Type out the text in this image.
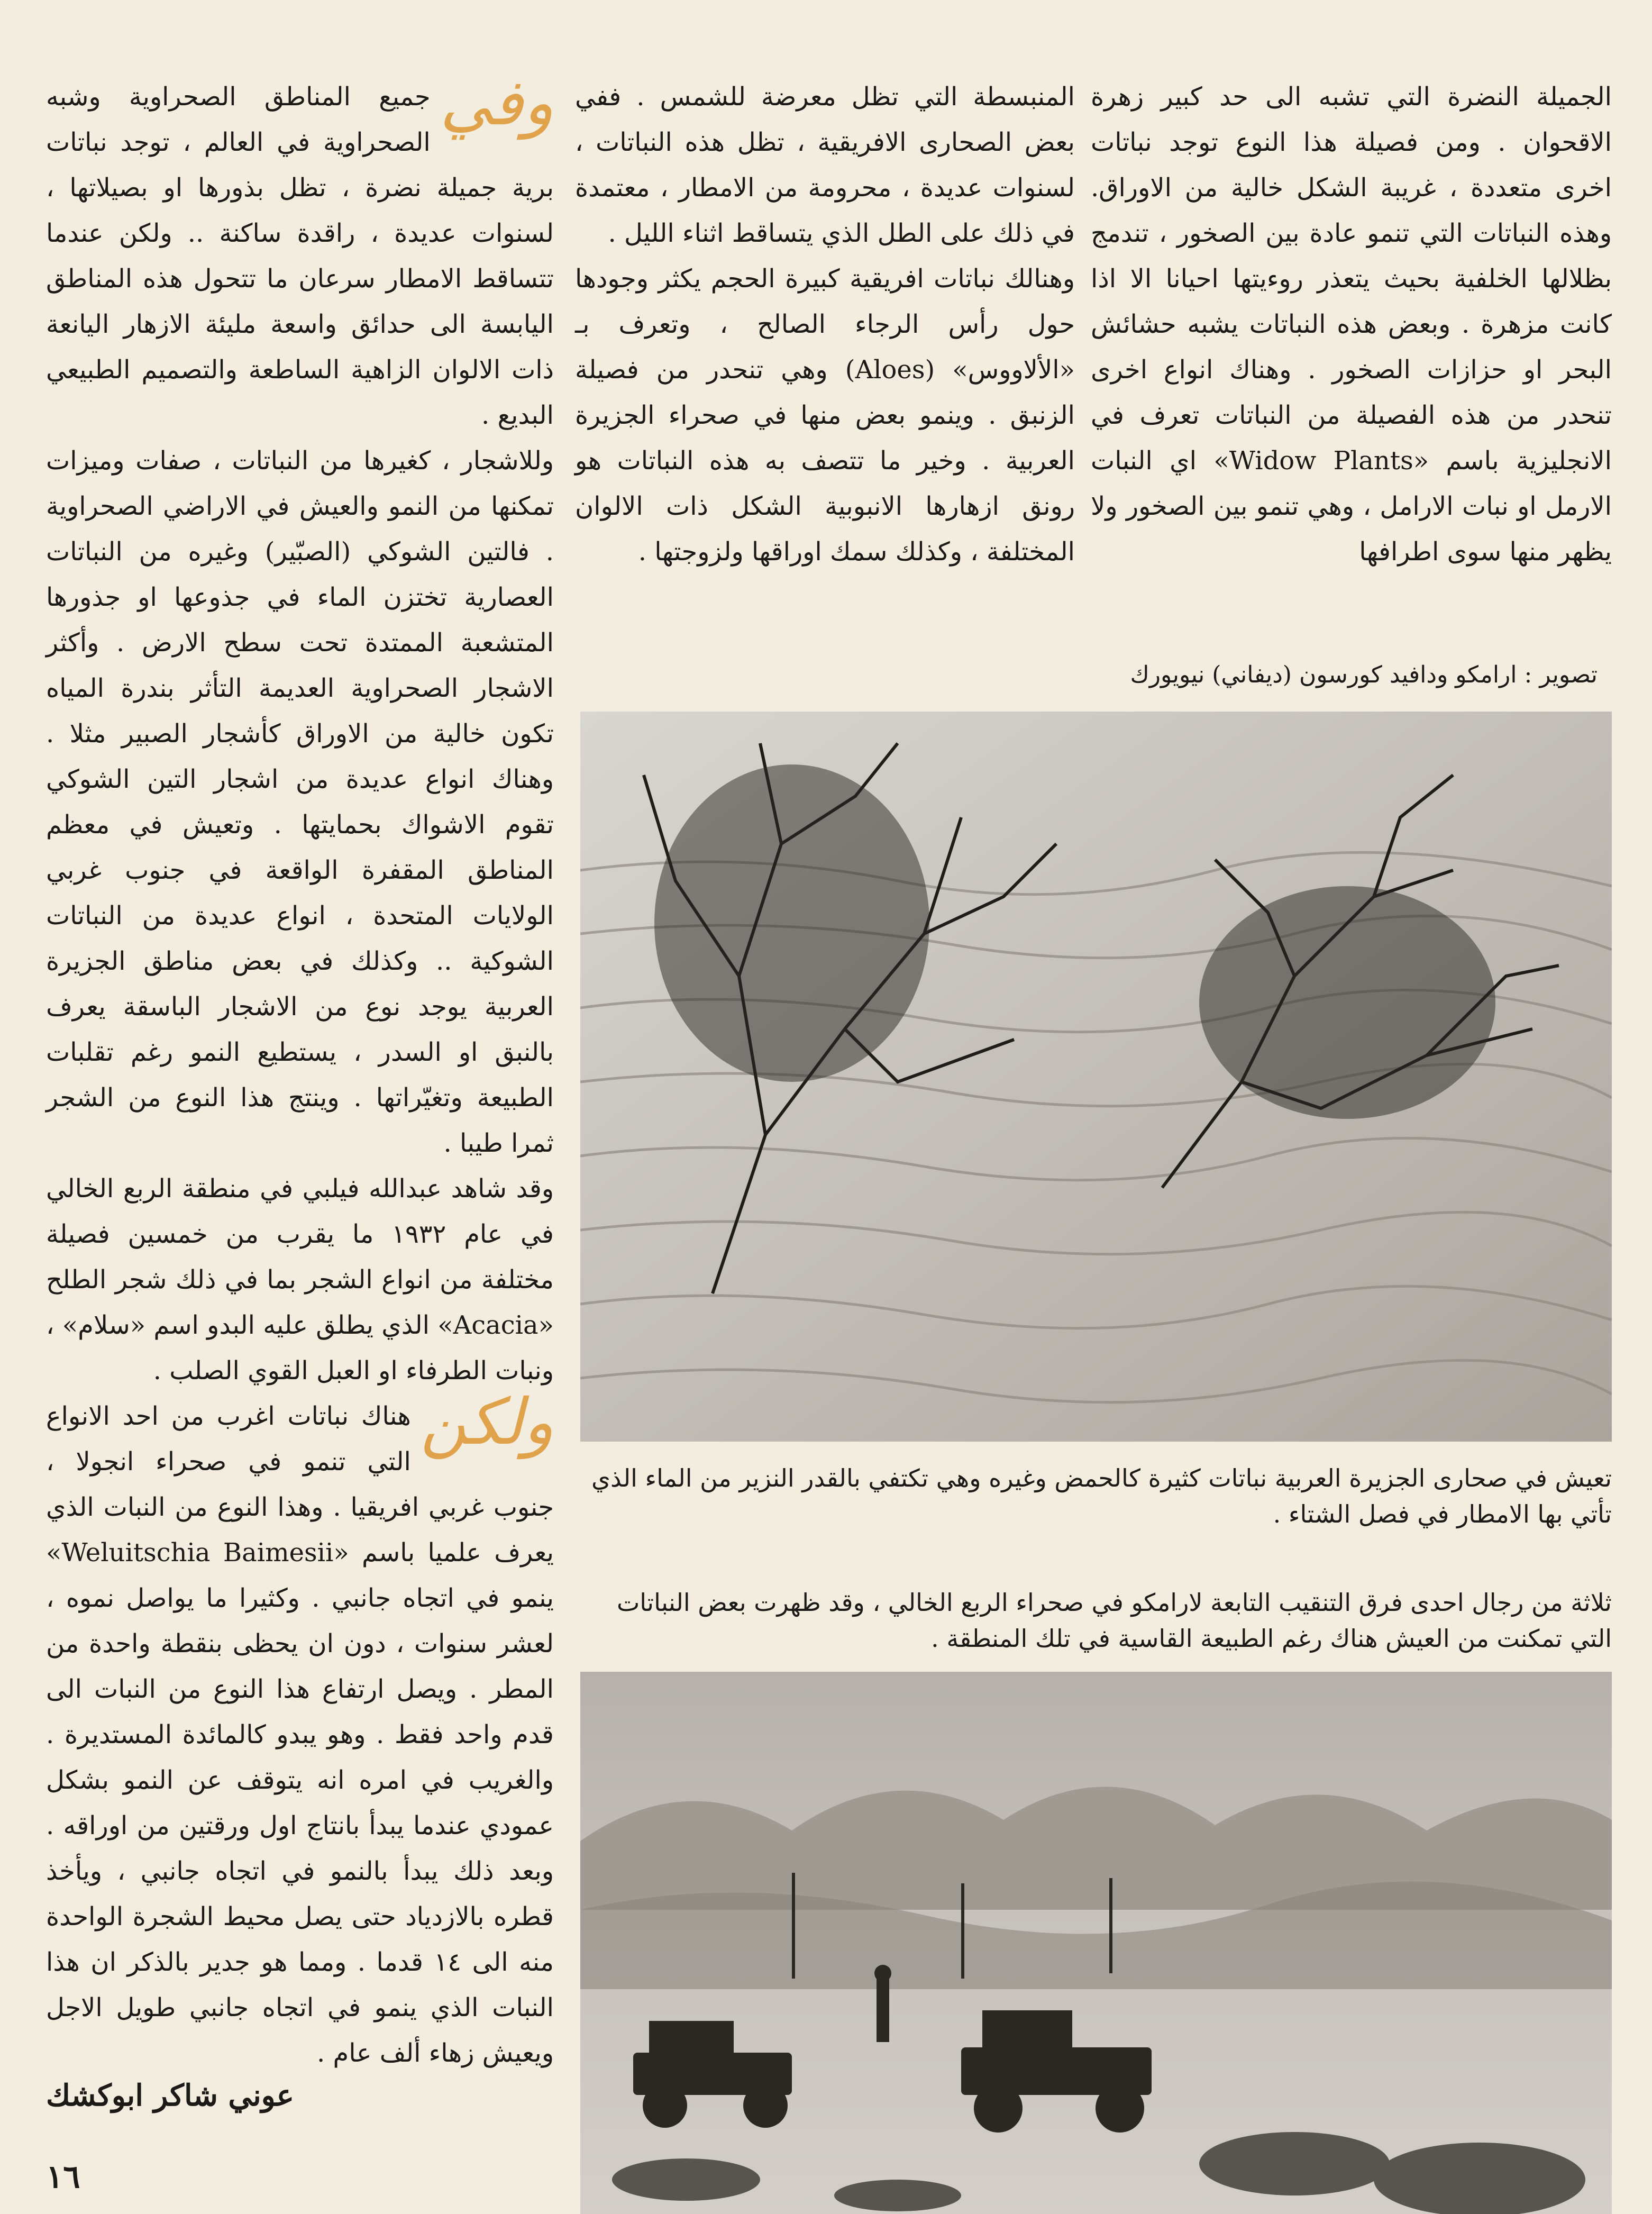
الجميلة النضرة التي تشبه الى حد كبير زهرة الاقحوان . ومن فصيلة هذا النوع توجد نباتات اخرى متعددة ، غريبة الشكل خالية من الاوراق. وهذه النباتات التي تنمو عادة بين الصخور ، تندمج بظلالها الخلفية بحيث يتعذر روءيتها احيانا الا اذا كانت مزهرة . وبعض هذه النباتات يشبه حشائش البحر او حزازات الصخور . وهناك انواع اخرى تنحدر من هذه الفصيلة من النباتات تعرف في الانجليزية باسم «Widow Plants» اي النبات الارمل او نبات الارامل ، وهي تنمو بين الصخور ولا يظهر منها سوى اطرافها

المنبسطة التي تظل معرضة للشمس . ففي بعض الصحارى الافريقية ، تظل هذه النباتات ، لسنوات عديدة ، محرومة من الامطار ، معتمدة في ذلك على الطل الذي يتساقط اثناء الليل .

وهنالك نباتات افريقية كبيرة الحجم يكثر وجودها حول رأس الرجاء الصالح ، وتعرف بـ «الألاووس» (Aloes) وهي تنحدر من فصيلة الزنبق . وينمو بعض منها في صحراء الجزيرة العربية . وخير ما تتصف به هذه النباتات هو رونق ازهارها الانبوبية الشكل ذات الالوان المختلفة ، وكذلك سمك اوراقها ولزوجتها .

وفي
جميع المناطق الصحراوية وشبه الصحراوية في العالم ، توجد نباتات برية جميلة نضرة ، تظل بذورها او بصيلاتها ، لسنوات عديدة ، راقدة ساكنة .. ولكن عندما تتساقط الامطار سرعان ما تتحول هذه المناطق اليابسة الى حدائق واسعة مليئة الازهار اليانعة ذات الالوان الزاهية الساطعة والتصميم الطبيعي البديع .

وللاشجار ، كغيرها من النباتات ، صفات وميزات تمكنها من النمو والعيش في الاراضي الصحراوية . فالتين الشوكي (الصبّير) وغيره من النباتات العصارية تختزن الماء في جذوعها او جذورها المتشعبة الممتدة تحت سطح الارض . وأكثر الاشجار الصحراوية العديمة التأثر بندرة المياه تكون خالية من الاوراق كأشجار الصبير مثلا . وهناك انواع عديدة من اشجار التين الشوكي تقوم الاشواك بحمايتها . وتعيش في معظم المناطق المقفرة الواقعة في جنوب غربي الولايات المتحدة ، انواع عديدة من النباتات الشوكية .. وكذلك في بعض مناطق الجزيرة العربية يوجد نوع من الاشجار الباسقة يعرف بالنبق او السدر ، يستطيع النمو رغم تقلبات الطبيعة وتغيّراتها . وينتج هذا النوع من الشجر ثمرا طيبا .

وقد شاهد عبدالله فيلبي في منطقة الربع الخالي في عام ١٩٣٢ ما يقرب من خمسين فصيلة مختلفة من انواع الشجر بما في ذلك شجر الطلح «Acacia» الذي يطلق عليه البدو اسم «سلام» ، ونبات الطرفاء او العبل القوي الصلب .

ولكن
هناك نباتات اغرب من احد الانواع التي تنمو في صحراء انجولا ، جنوب غربي افريقيا . وهذا النوع من النبات الذي يعرف علميا باسم «Weluitschia Baimesii» ينمو في اتجاه جانبي . وكثيرا ما يواصل نموه ، لعشر سنوات ، دون ان يحظى بنقطة واحدة من المطر . ويصل ارتفاع هذا النوع من النبات الى قدم واحد فقط . وهو يبدو كالمائدة المستديرة . والغريب في امره انه يتوقف عن النمو بشكل عمودي عندما يبدأ بانتاج اول ورقتين من اوراقه . وبعد ذلك يبدأ بالنمو في اتجاه جانبي ، ويأخذ قطره بالازدياد حتى يصل محيط الشجرة الواحدة منه الى ١٤ قدما . ومما هو جدير بالذكر ان هذا النبات الذي ينمو في اتجاه جانبي طويل الاجل ويعيش زهاء ألف عام .

تصوير : ارامكو ودافيد كورسون (ديفاني) نيويورك
تعيش في صحارى الجزيرة العربية نباتات كثيرة كالحمض وغيره وهي تكتفي بالقدر النزير من الماء الذي تأتي بها الامطار في فصل الشتاء .
ثلاثة من رجال احدى فرق التنقيب التابعة لارامكو في صحراء الربع الخالي ، وقد ظهرت بعض النباتات التي تمكنت من العيش هناك رغم الطبيعة القاسية في تلك المنطقة .
عوني شاكر ابوكشك
١٦
